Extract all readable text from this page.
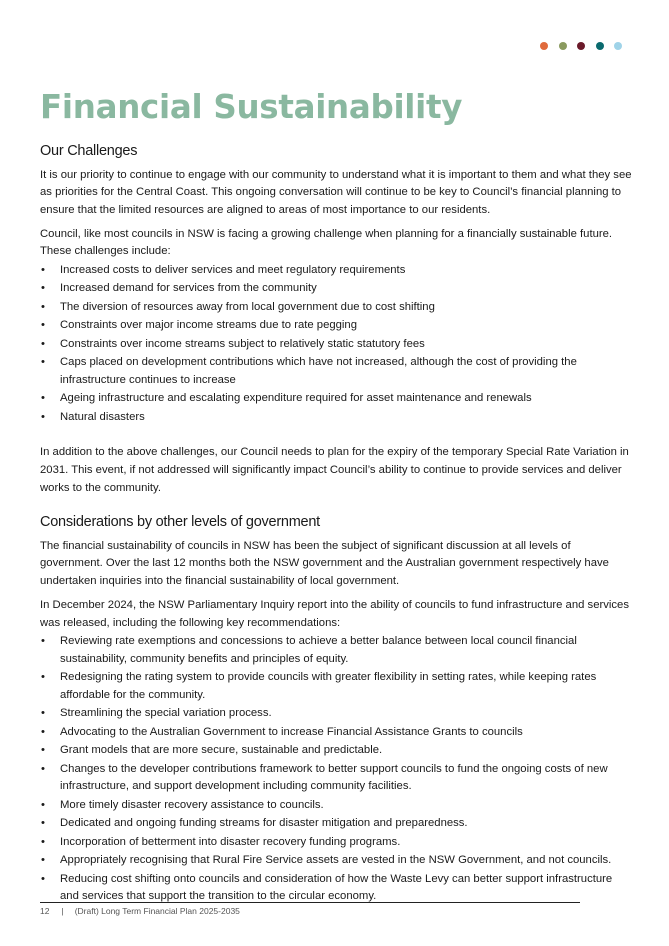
Financial Sustainability
Our Challenges

It is our priority to continue to engage with our community to understand what it is important to them and what they see as priorities for the Central Coast. This ongoing conversation will continue to be key to Council’s financial planning to ensure that the limited resources are aligned to areas of most importance to our residents.

Council, like most councils in NSW is facing a growing challenge when planning for a financially sustainable future. These challenges include:

• Increased costs to deliver services and meet regulatory requirements
• Increased demand for services from the community
• The diversion of resources away from local government due to cost shifting
• Constraints over major income streams due to rate pegging
• Constraints over income streams subject to relatively static statutory fees
• Caps placed on development contributions which have not increased, although the cost of providing the infrastructure continues to increase
• Ageing infrastructure and escalating expenditure required for asset maintenance and renewals
• Natural disasters

In addition to the above challenges, our Council needs to plan for the expiry of the temporary Special Rate Variation in 2031. This event, if not addressed will significantly impact Council’s ability to continue to provide services and deliver works to the community.

Considerations by other levels of government

The financial sustainability of councils in NSW has been the subject of significant discussion at all levels of government. Over the last 12 months both the NSW government and the Australian government respectively have undertaken inquiries into the financial sustainability of local government.

In December 2024, the NSW Parliamentary Inquiry report into the ability of councils to fund infrastructure and services was released, including the following key recommendations:

• Reviewing rate exemptions and concessions to achieve a better balance between local council financial sustainability, community benefits and principles of equity.
• Redesigning the rating system to provide councils with greater flexibility in setting rates, while keeping rates affordable for the community.
• Streamlining the special variation process.
• Advocating to the Australian Government to increase Financial Assistance Grants to councils
• Grant models that are more secure, sustainable and predictable.
• Changes to the developer contributions framework to better support councils to fund the ongoing costs of new infrastructure, and support development including community facilities.
• More timely disaster recovery assistance to councils.
• Dedicated and ongoing funding streams for disaster mitigation and preparedness.
• Incorporation of betterment into disaster recovery funding programs.
• Appropriately recognising that Rural Fire Service assets are vested in the NSW Government, and not councils.
• Reducing cost shifting onto councils and consideration of how the Waste Levy can better support infrastructure and services that support the transition to the circular economy.
12 | (Draft) Long Term Financial Plan 2025-2035
